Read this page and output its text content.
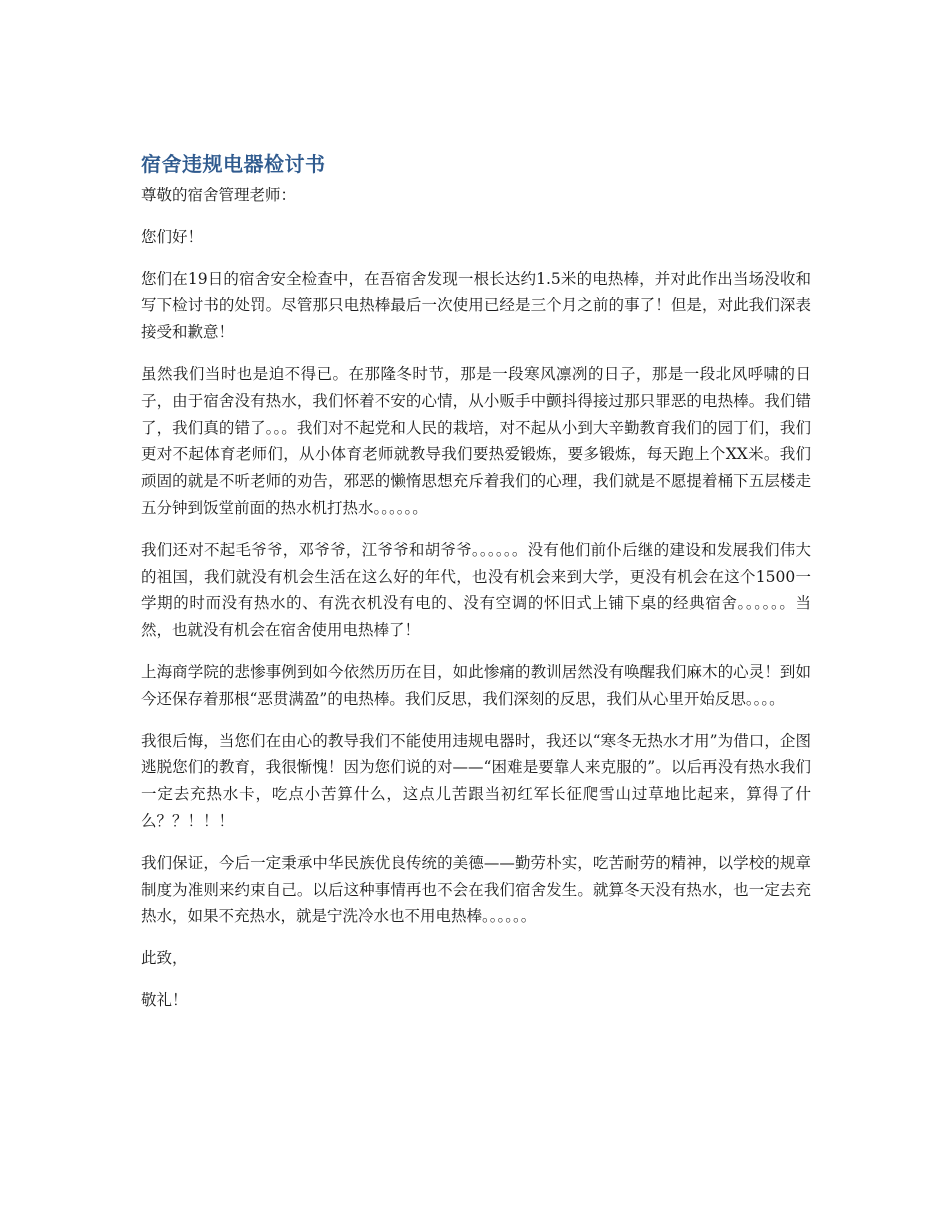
宿舍违规电器检讨书

尊敬的宿舍管理老师：

您们好！

您们在19日的宿舍安全检查中，在吾宿舍发现一根长达约1.5米的电热棒，并对此作出当场没收和写下检讨书的处罚。尽管那只电热棒最后一次使用已经是三个月之前的事了！但是，对此我们深表接受和歉意！

虽然我们当时也是迫不得已。在那隆冬时节，那是一段寒风凛冽的日子，那是一段北风呼啸的日子，由于宿舍没有热水，我们怀着不安的心情，从小贩手中颤抖得接过那只罪恶的电热棒。我们错了，我们真的错了。。。我们对不起党和人民的栽培，对不起从小到大辛勤教育我们的园丁们，我们更对不起体育老师们，从小体育老师就教导我们要热爱锻炼，要多锻炼，每天跑上个XX米。我们顽固的就是不听老师的劝告，邪恶的懒惰思想充斥着我们的心理，我们就是不愿提着桶下五层楼走五分钟到饭堂前面的热水机打热水。。。。。。

我们还对不起毛爷爷，邓爷爷，江爷爷和胡爷爷。。。。。。没有他们前仆后继的建设和发展我们伟大的祖国，我们就没有机会生活在这么好的年代，也没有机会来到大学，更没有机会在这个1500一学期的时而没有热水的、有洗衣机没有电的、没有空调的怀旧式上铺下桌的经典宿舍。。。。。。当然，也就没有机会在宿舍使用电热棒了！

上海商学院的悲惨事例到如今依然历历在目，如此惨痛的教训居然没有唤醒我们麻木的心灵！到如今还保存着那根“恶贯满盈”的电热棒。我们反思，我们深刻的反思，我们从心里开始反思。。。。

我很后悔，当您们在由心的教导我们不能使用违规电器时，我还以“寒冬无热水才用”为借口，企图逃脱您们的教育，我很惭愧！因为您们说的对——“困难是要靠人来克服的”。以后再没有热水我们一定去充热水卡，吃点小苦算什么，这点儿苦跟当初红军长征爬雪山过草地比起来，算得了什么？？！！！

我们保证，今后一定秉承中华民族优良传统的美德——勤劳朴实，吃苦耐劳的精神，以学校的规章制度为准则来约束自己。以后这种事情再也不会在我们宿舍发生。就算冬天没有热水，也一定去充热水，如果不充热水，就是宁洗冷水也不用电热棒。。。。。。

此致，

敬礼！
